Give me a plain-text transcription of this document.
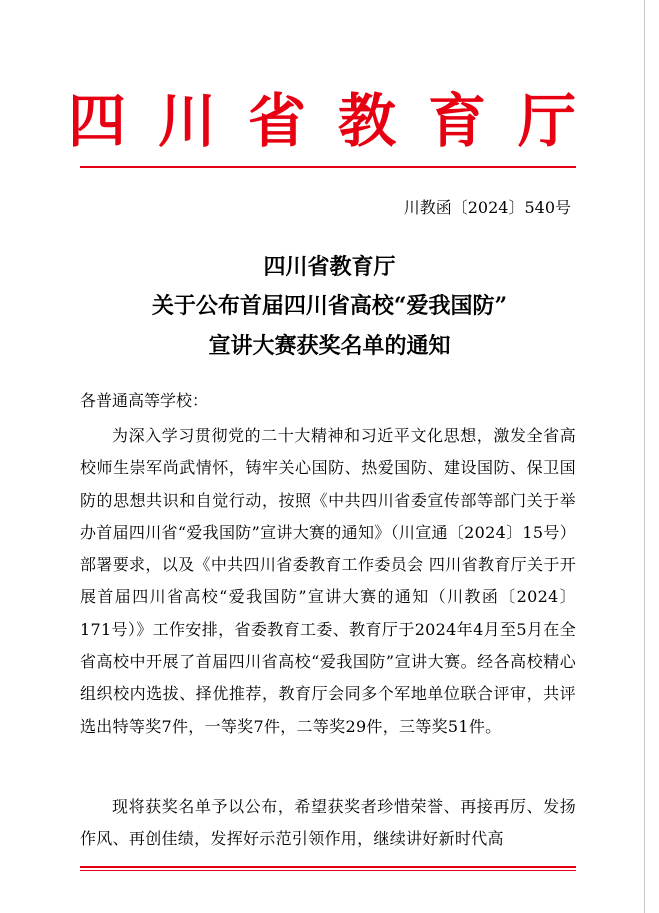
四川省教育厅
川教函〔2024〕540号
四川省教育厅
关于公布首届四川省高校“爱我国防”
宣讲大赛获奖名单的通知
各普通高等学校：

为深入学习贯彻党的二十大精神和习近平文化思想，激发全省高校师生崇军尚武情怀，铸牢关心国防、热爱国防、建设国防、保卫国防的思想共识和自觉行动，按照《中共四川省委宣传部等部门关于举办首届四川省“爱我国防”宣讲大赛的通知》（川宣通〔2024〕15号）部署要求，以及《中共四川省委教育工作委员会 四川省教育厅关于开展首届四川省高校“爱我国防”宣讲大赛的通知（川教函〔2024〕171号）》工作安排，省委教育工委、教育厅于2024年4月至5月在全省高校中开展了首届四川省高校“爱我国防”宣讲大赛。经各高校精心组织校内选拔、择优推荐，教育厅会同多个军地单位联合评审，共评选出特等奖7件，一等奖7件，二等奖29件，三等奖51件。

现将获奖名单予以公布，希望获奖者珍惜荣誉、再接再厉、发扬作风、再创佳绩，发挥好示范引领作用，继续讲好新时代高
